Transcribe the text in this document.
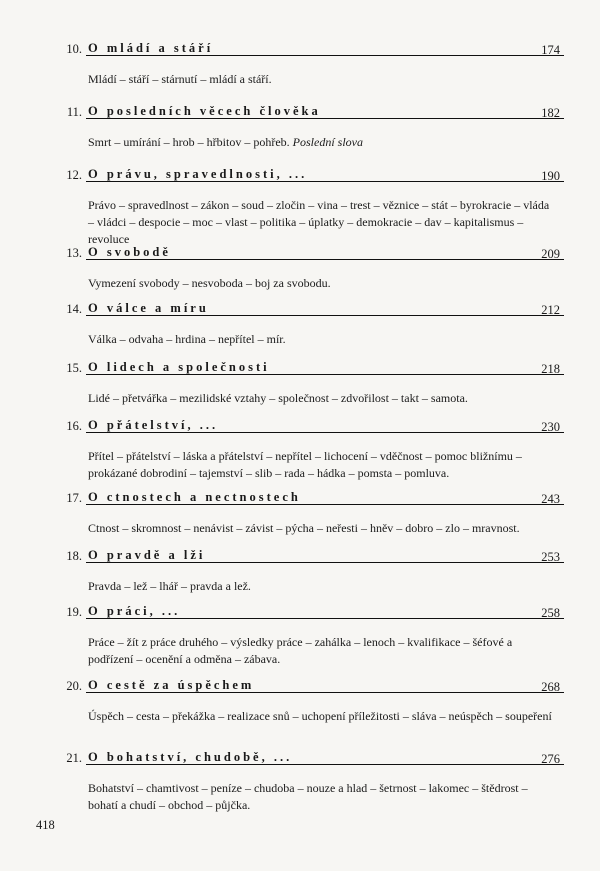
10. O mládí a stáří	174
Mládí – stáří – stárnutí – mládí a stáří.
11. O posledních věcech člověka	182
Smrt – umírání – hrob – hřbitov – pohřeb. Poslední slova
12. O právu, spravedlnosti, ...	190
Právo – spravedlnost – zákon – soud – zločin – vina – trest – věznice – stát – byrokracie – vláda – vládci – despocie – moc – vlast – politika – úplatky – demokracie – dav – kapitalismus – revoluce
13. O svobodě	209
Vymezení svobody – nesvoboda – boj za svobodu.
14. O válce a míru	212
Válka – odvaha – hrdina – nepřítel – mír.
15. O lidech a společnosti	218
Lidé – přetvářka – mezilidské vztahy – společnost – zdvořilost – takt – samota.
16. O přátelství, ...	230
Přítel – přátelství – láska a přátelství – nepřítel – lichocení – vděčnost – pomoc bližnímu – prokázané dobrodiní – tajemství – slib – rada – hádka – pomsta – pomluva.
17. O ctnostech a nectnostech	243
Ctnost – skromnost – nenávist – závist – pýcha – neřesti – hněv – dobro – zlo – mravnost.
18. O pravdě a lži	253
Pravda – lež – lhář – pravda a lež.
19. O práci, ...	258
Práce – žít z práce druhého – výsledky práce – zahálka – lenoch – kvalifikace – šéfové a podřízení – ocenění a odměna – zábava.
20. O cestě za úspěchem	268
Úspěch – cesta – překážka – realizace snů – uchopení příležitosti – sláva – neúspěch – soupeření
21. O bohatství, chudobě, ...	276
Bohatství – chamtivost – peníze – chudoba – nouze a hlad – šetrnost – lakomec – štědrost – bohatí a chudí – obchod – půjčka.
418
